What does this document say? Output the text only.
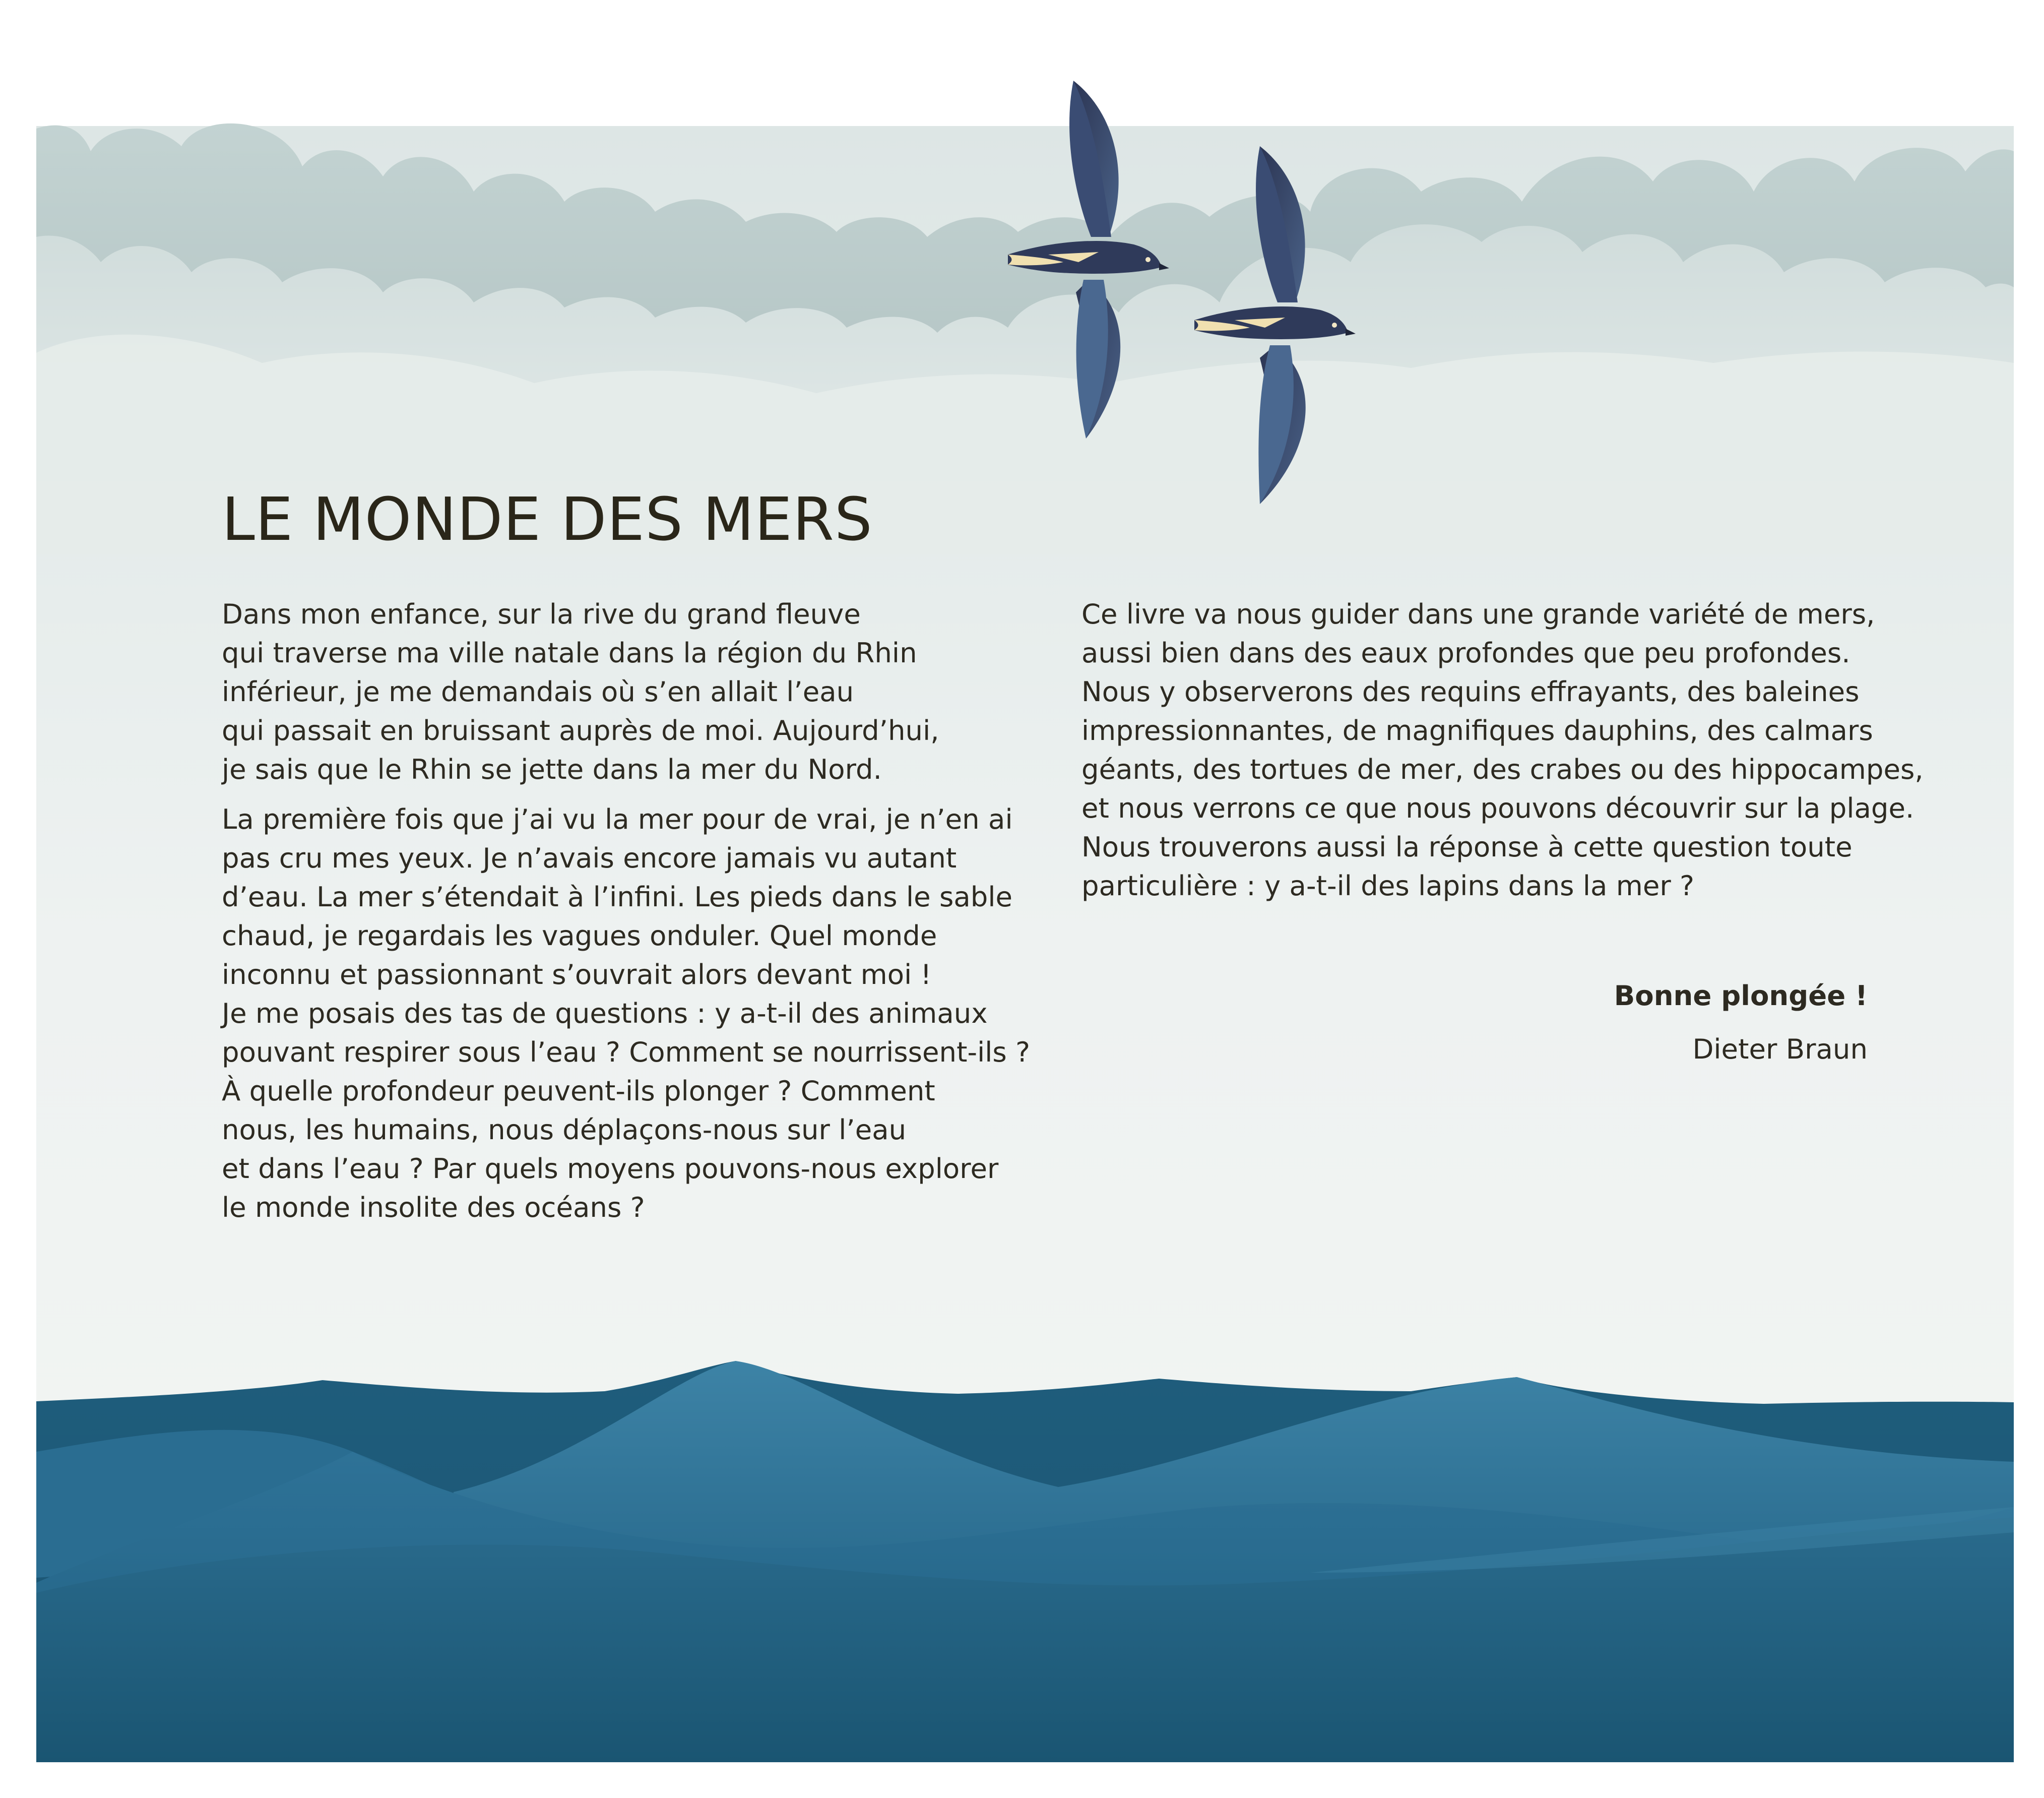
LE MONDE DES MERS

Dans mon enfance, sur la rive du grand fleuve
qui traverse ma ville natale dans la région du Rhin
inférieur, je me demandais où s’en allait l’eau
qui passait en bruissant auprès de moi. Aujourd’hui,
je sais que le Rhin se jette dans la mer du Nord.

La première fois que j’ai vu la mer pour de vrai, je n’en ai
pas cru mes yeux. Je n’avais encore jamais vu autant
d’eau. La mer s’étendait à l’infini. Les pieds dans le sable
chaud, je regardais les vagues onduler. Quel monde
inconnu et passionnant s’ouvrait alors devant moi !
Je me posais des tas de questions : y a-t-il des animaux
pouvant respirer sous l’eau ? Comment se nourrissent-ils ?
À quelle profondeur peuvent-ils plonger ? Comment
nous, les humains, nous déplaçons-nous sur l’eau
et dans l’eau ? Par quels moyens pouvons-nous explorer
le monde insolite des océans ?

Ce livre va nous guider dans une grande variété de mers,
aussi bien dans des eaux profondes que peu profondes.
Nous y observerons des requins effrayants, des baleines
impressionnantes, de magnifiques dauphins, des calmars
géants, des tortues de mer, des crabes ou des hippocampes,
et nous verrons ce que nous pouvons découvrir sur la plage.
Nous trouverons aussi la réponse à cette question toute
particulière : y a-t-il des lapins dans la mer ?

Bonne plongée !
Dieter Braun
